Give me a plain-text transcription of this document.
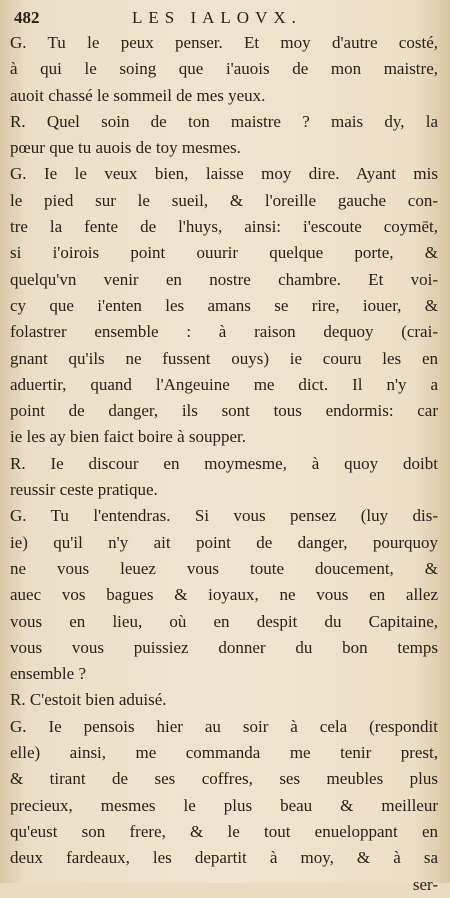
482	LES IALOVX.
G. Tu le peux penser. Et moy d'autre costé,
à qui le soing que i'auois de mon maistre,
auoit chassé le sommeil de mes yeux.
R. Quel soin de ton maistre ? mais dy, la
pœur que tu auois de toy mesmes.
G. Ie le veux bien, laisse moy dire. Ayant mis
le pied sur le sueil, & l'oreille gauche con-
tre la fente de l'huys, ainsi: i'escoute coymēt,
si i'oirois point ouurir quelque porte, &
quelqu'vn venir en nostre chambre. Et voi-
cy que i'enten les amans se rire, iouer, &
folastrer ensemble : à raison dequoy (crai-
gnant qu'ils ne fussent ouys) ie couru les en
aduertir, quand l'Angeuine me dict. Il n'y a
point de danger, ils sont tous endormis: car
ie les ay bien faict boire à soupper.
R. Ie discour en moymesme, à quoy doibt
reussir ceste pratique.
G. Tu l'entendras. Si vous pensez (luy dis-
ie) qu'il n'y ait point de danger, pourquoy
ne vous leuez vous toute doucement, &
auec vos bagues & ioyaux, ne vous en allez
vous en lieu, où en despit du Capitaine,
vous vous puissiez donner du bon temps
ensemble ?
R. C'estoit bien aduisé.
G. Ie pensois hier au soir à cela (respondit
elle) ainsi, me commanda me tenir prest,
& tirant de ses coffres, ses meubles plus
precieux, mesmes le plus beau & meilleur
qu'eust son frere, & le tout enueloppant en
deux fardeaux, les departit à moy, & à sa
ser-
